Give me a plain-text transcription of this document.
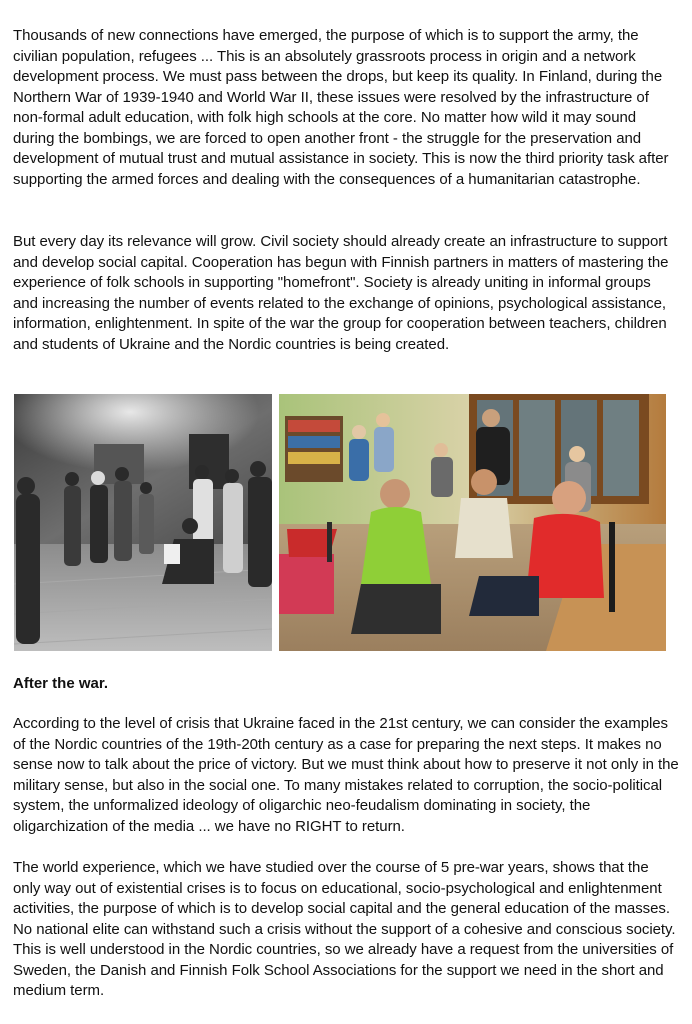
Thousands of new connections have emerged, the purpose of which is to support the army, the civilian population, refugees ... This is an absolutely grassroots process in origin and a network development process. We must pass between the drops, but keep its quality. In Finland, during the Northern War of 1939-1940 and World War II, these issues were resolved by the infrastructure of non-formal adult education, with folk high schools at the core. No matter how wild it may sound during the bombings, we are forced to open another front - the struggle for the preservation and development of mutual trust and mutual assistance in society. This is now the third priority task after supporting the armed forces and dealing with the consequences of a humanitarian catastrophe.

But every day its relevance will grow. Civil society should already create an infrastructure to support and develop social capital. Cooperation has begun with Finnish partners in matters of mastering the experience of folk schools in supporting "homefront". Society is already uniting in informal groups and increasing the number of events related to the exchange of opinions, psychological assistance, information, enlightenment. In spite of the war the group for cooperation between teachers, children and students of Ukraine and the Nordic countries is being created.

After the war.

According to the level of crisis that Ukraine faced in the 21st century, we can consider the examples of the Nordic countries of the 19th-20th century as a case for preparing the next steps. It makes no sense now to talk about the price of victory. But we must think about how to preserve it not only in the military sense, but also in the social one. To many mistakes related to corruption, the socio-political system, the unformalized ideology of oligarchic neo-feudalism dominating in society, the oligarchization of the media ... we have no RIGHT to return.

The world experience, which we have studied over the course of 5 pre-war years, shows that the only way out of existential crises is to focus on educational, socio-psychological and enlightenment activities, the purpose of which is to develop social capital and the general education of the masses. No national elite can withstand such a crisis without the support of a cohesive and conscious society. This is well understood in the Nordic countries, so we already have a request from the universities of Sweden, the Danish and Finnish Folk School Associations for the support we need in the short and medium term.
